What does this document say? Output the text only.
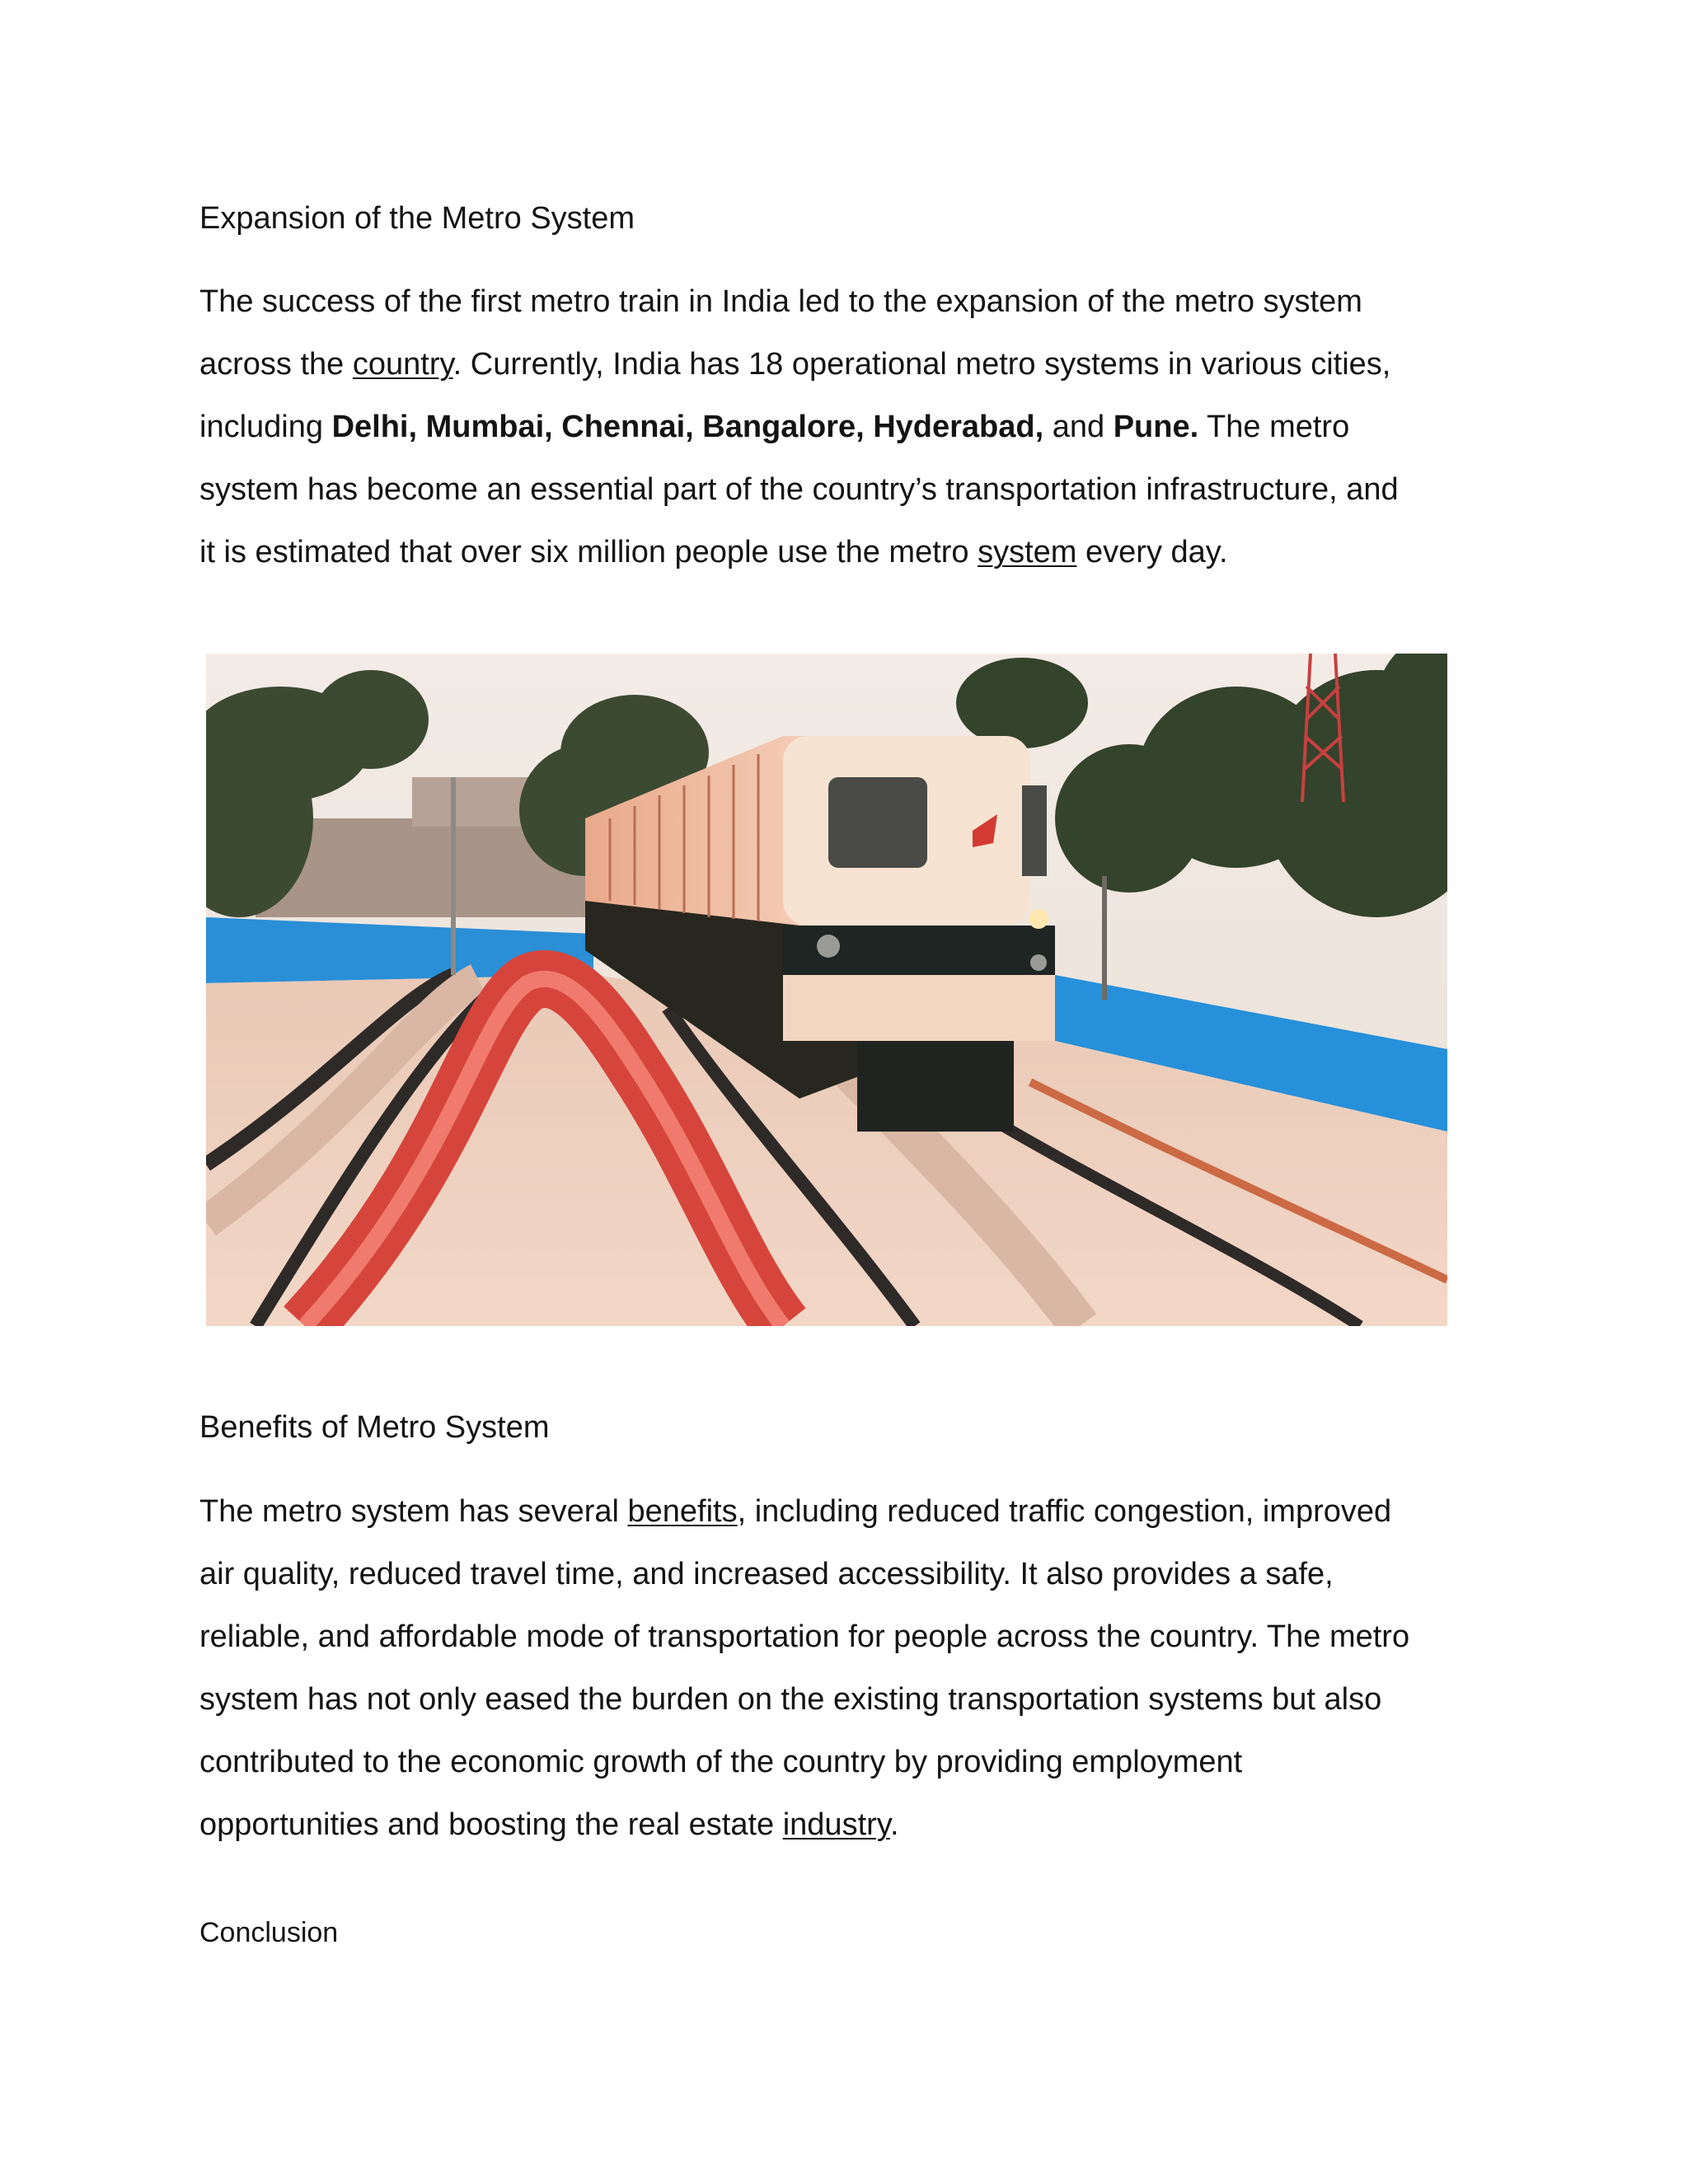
Expansion of the Metro System
The success of the first metro train in India led to the expansion of the metro system
across the country. Currently, India has 18 operational metro systems in various cities,
including Delhi, Mumbai, Chennai, Bangalore, Hyderabad, and Pune. The metro
system has become an essential part of the country’s transportation infrastructure, and
it is estimated that over six million people use the metro system every day.
Benefits of Metro System
The metro system has several benefits, including reduced traffic congestion, improved
air quality, reduced travel time, and increased accessibility. It also provides a safe,
reliable, and affordable mode of transportation for people across the country. The metro
system has not only eased the burden on the existing transportation systems but also
contributed to the economic growth of the country by providing employment
opportunities and boosting the real estate industry.
Conclusion
